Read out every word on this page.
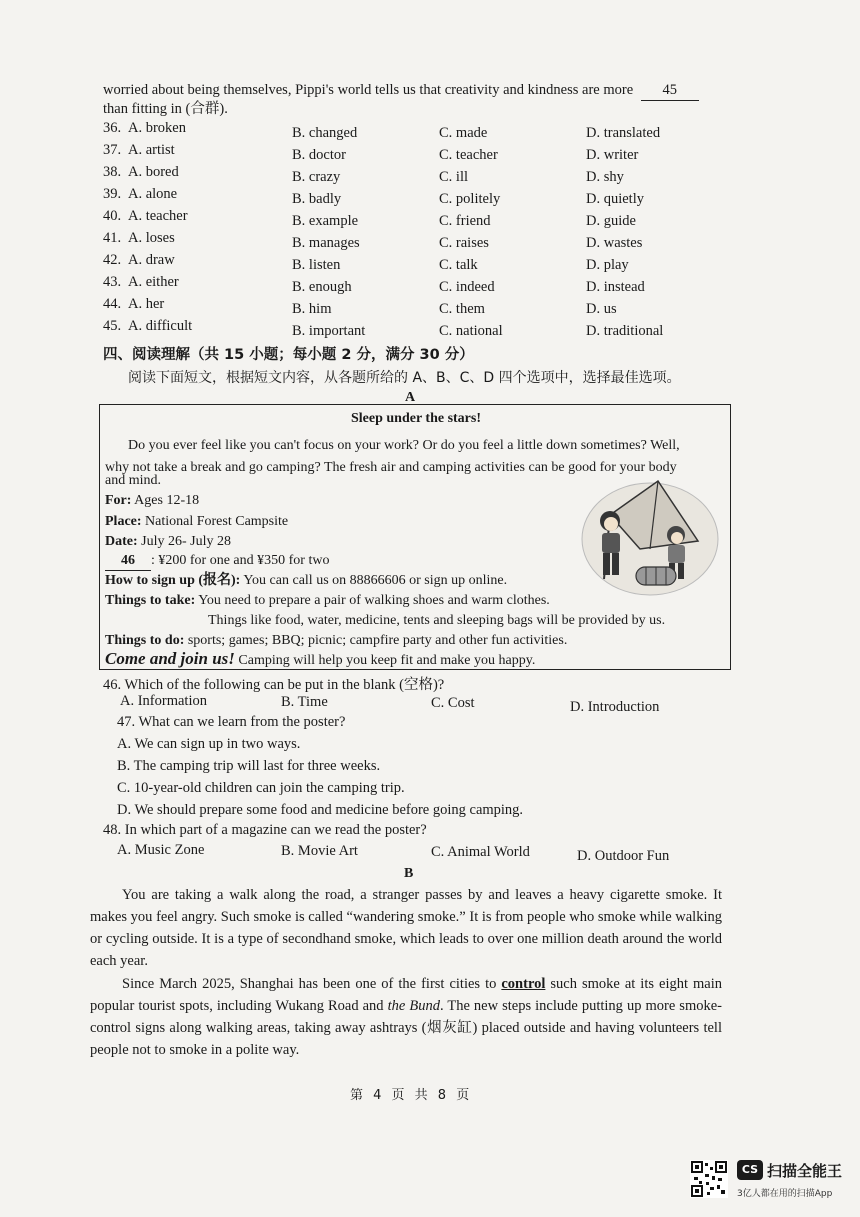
worried about being themselves, Pippi's world tells us that creativity and kindness are more 45
than fitting in (合群).
36. A. broken	B. changed	C. made	D. translated
37. A. artist	B. doctor	C. teacher	D. writer
38. A. bored	B. crazy	C. ill	D. shy
39. A. alone	B. badly	C. politely	D. quietly
40. A. teacher	B. example	C. friend	D. guide
41. A. loses	B. manages	C. raises	D. wastes
42. A. draw	B. listen	C. talk	D. play
43. A. either	B. enough	C. indeed	D. instead
44. A. her	B. him	C. them	D. us
45. A. difficult	B. important	C. national	D. traditional
四、阅读理解（共 15 小题；每小题 2 分，满分 30 分）
阅读下面短文，根据短文内容，从各题所给的 A、B、C、D 四个选项中，选择最佳选项。
A
Sleep under the stars!
Do you ever feel like you can't focus on your work? Or do you feel a little down sometimes? Well,
why not take a break and go camping? The fresh air and camping activities can be good for your body
and mind.
For: Ages 12-18
Place: National Forest Campsite
Date: July 26- July 28
46 : ¥200 for one and ¥350 for two
How to sign up (报名): You can call us on 88866606 or sign up online.
Things to take: You need to prepare a pair of walking shoes and warm clothes.
Things like food, water, medicine, tents and sleeping bags will be provided by us.
Things to do: sports; games; BBQ; picnic; campfire party and other fun activities.
Come and join us! Camping will help you keep fit and make you happy.
46. Which of the following can be put in the blank (空格)?
A. Information	B. Time	C. Cost	D. Introduction
47. What can we learn from the poster?
A. We can sign up in two ways.
B. The camping trip will last for three weeks.
C. 10-year-old children can join the camping trip.
D. We should prepare some food and medicine before going camping.
48. In which part of a magazine can we read the poster?
A. Music Zone	B. Movie Art	C. Animal World	D. Outdoor Fun
B
You are taking a walk along the road, a stranger passes by and leaves a heavy cigarette smoke. It makes you feel angry. Such smoke is called “wandering smoke.” It is from people who smoke while walking or cycling outside. It is a type of secondhand smoke, which leads to over one million death around the world each year.
Since March 2025, Shanghai has been one of the first cities to control such smoke at its eight main popular tourist spots, including Wukang Road and the Bund. The new steps include putting up more smoke-control signs along walking areas, taking away ashtrays (烟灰缸) placed outside and having volunteers tell people not to smoke in a polite way.
第 4 页 共 8 页
CS 扫描全能王
3亿人都在用的扫描App
